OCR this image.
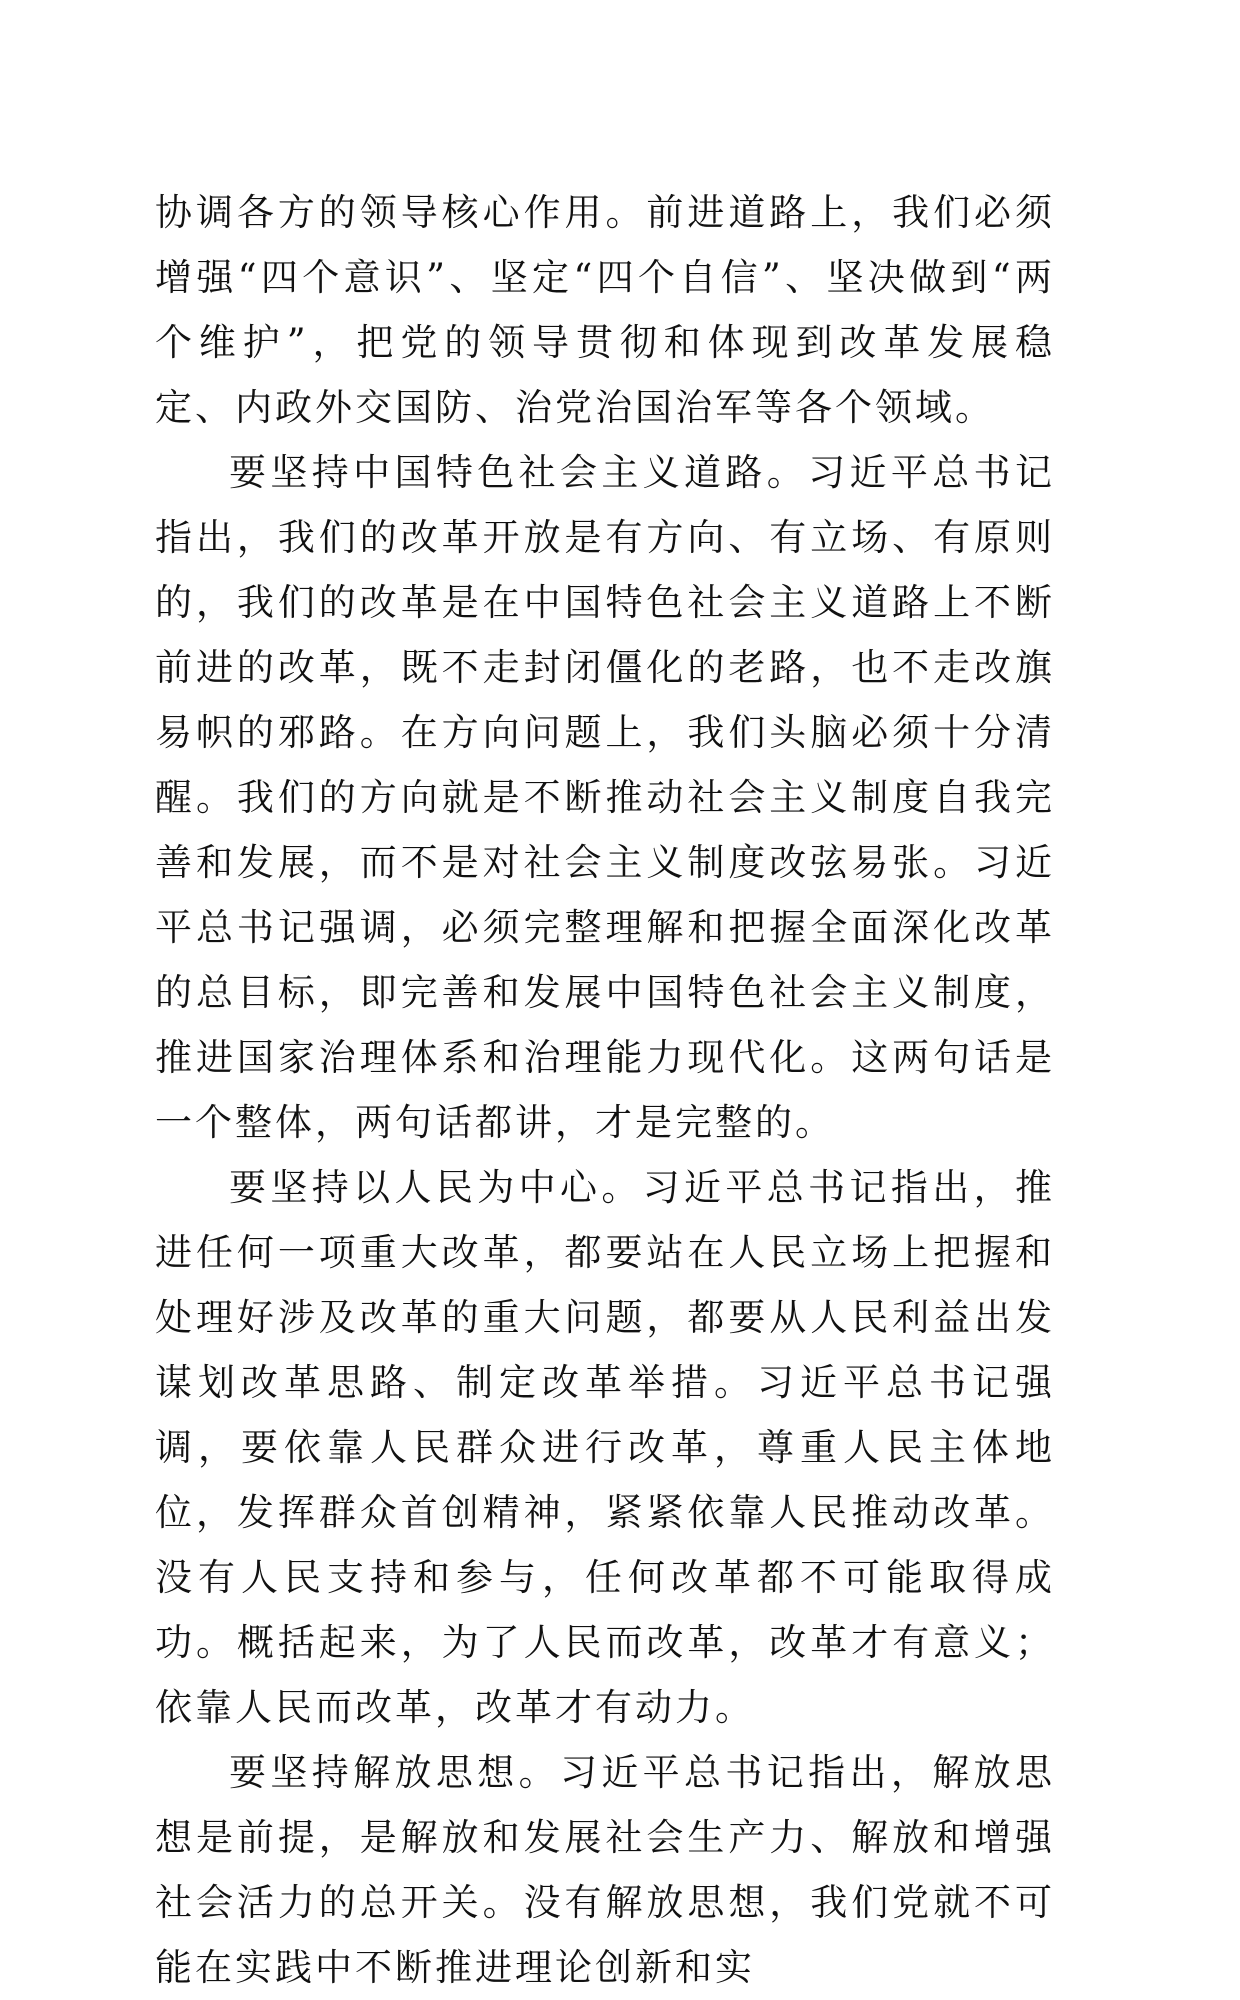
协调各方的领导核心作用。前进道路上，我们必须增强“四个意识”、坚定“四个自信”、坚决做到“两个维护”，把党的领导贯彻和体现到改革发展稳定、内政外交国防、治党治国治军等各个领域。

要坚持中国特色社会主义道路。习近平总书记指出，我们的改革开放是有方向、有立场、有原则的，我们的改革是在中国特色社会主义道路上不断前进的改革，既不走封闭僵化的老路，也不走改旗易帜的邪路。在方向问题上，我们头脑必须十分清醒。我们的方向就是不断推动社会主义制度自我完善和发展，而不是对社会主义制度改弦易张。习近平总书记强调，必须完整理解和把握全面深化改革的总目标，即完善和发展中国特色社会主义制度，推进国家治理体系和治理能力现代化。这两句话是一个整体，两句话都讲，才是完整的。

要坚持以人民为中心。习近平总书记指出，推进任何一项重大改革，都要站在人民立场上把握和处理好涉及改革的重大问题，都要从人民利益出发谋划改革思路、制定改革举措。习近平总书记强调，要依靠人民群众进行改革，尊重人民主体地位，发挥群众首创精神，紧紧依靠人民推动改革。没有人民支持和参与，任何改革都不可能取得成功。概括起来，为了人民而改革，改革才有意义；依靠人民而改革，改革才有动力。

要坚持解放思想。习近平总书记指出，解放思想是前提，是解放和发展社会生产力、解放和增强社会活力的总开关。没有解放思想，我们党就不可能在实践中不断推进理论创新和实
